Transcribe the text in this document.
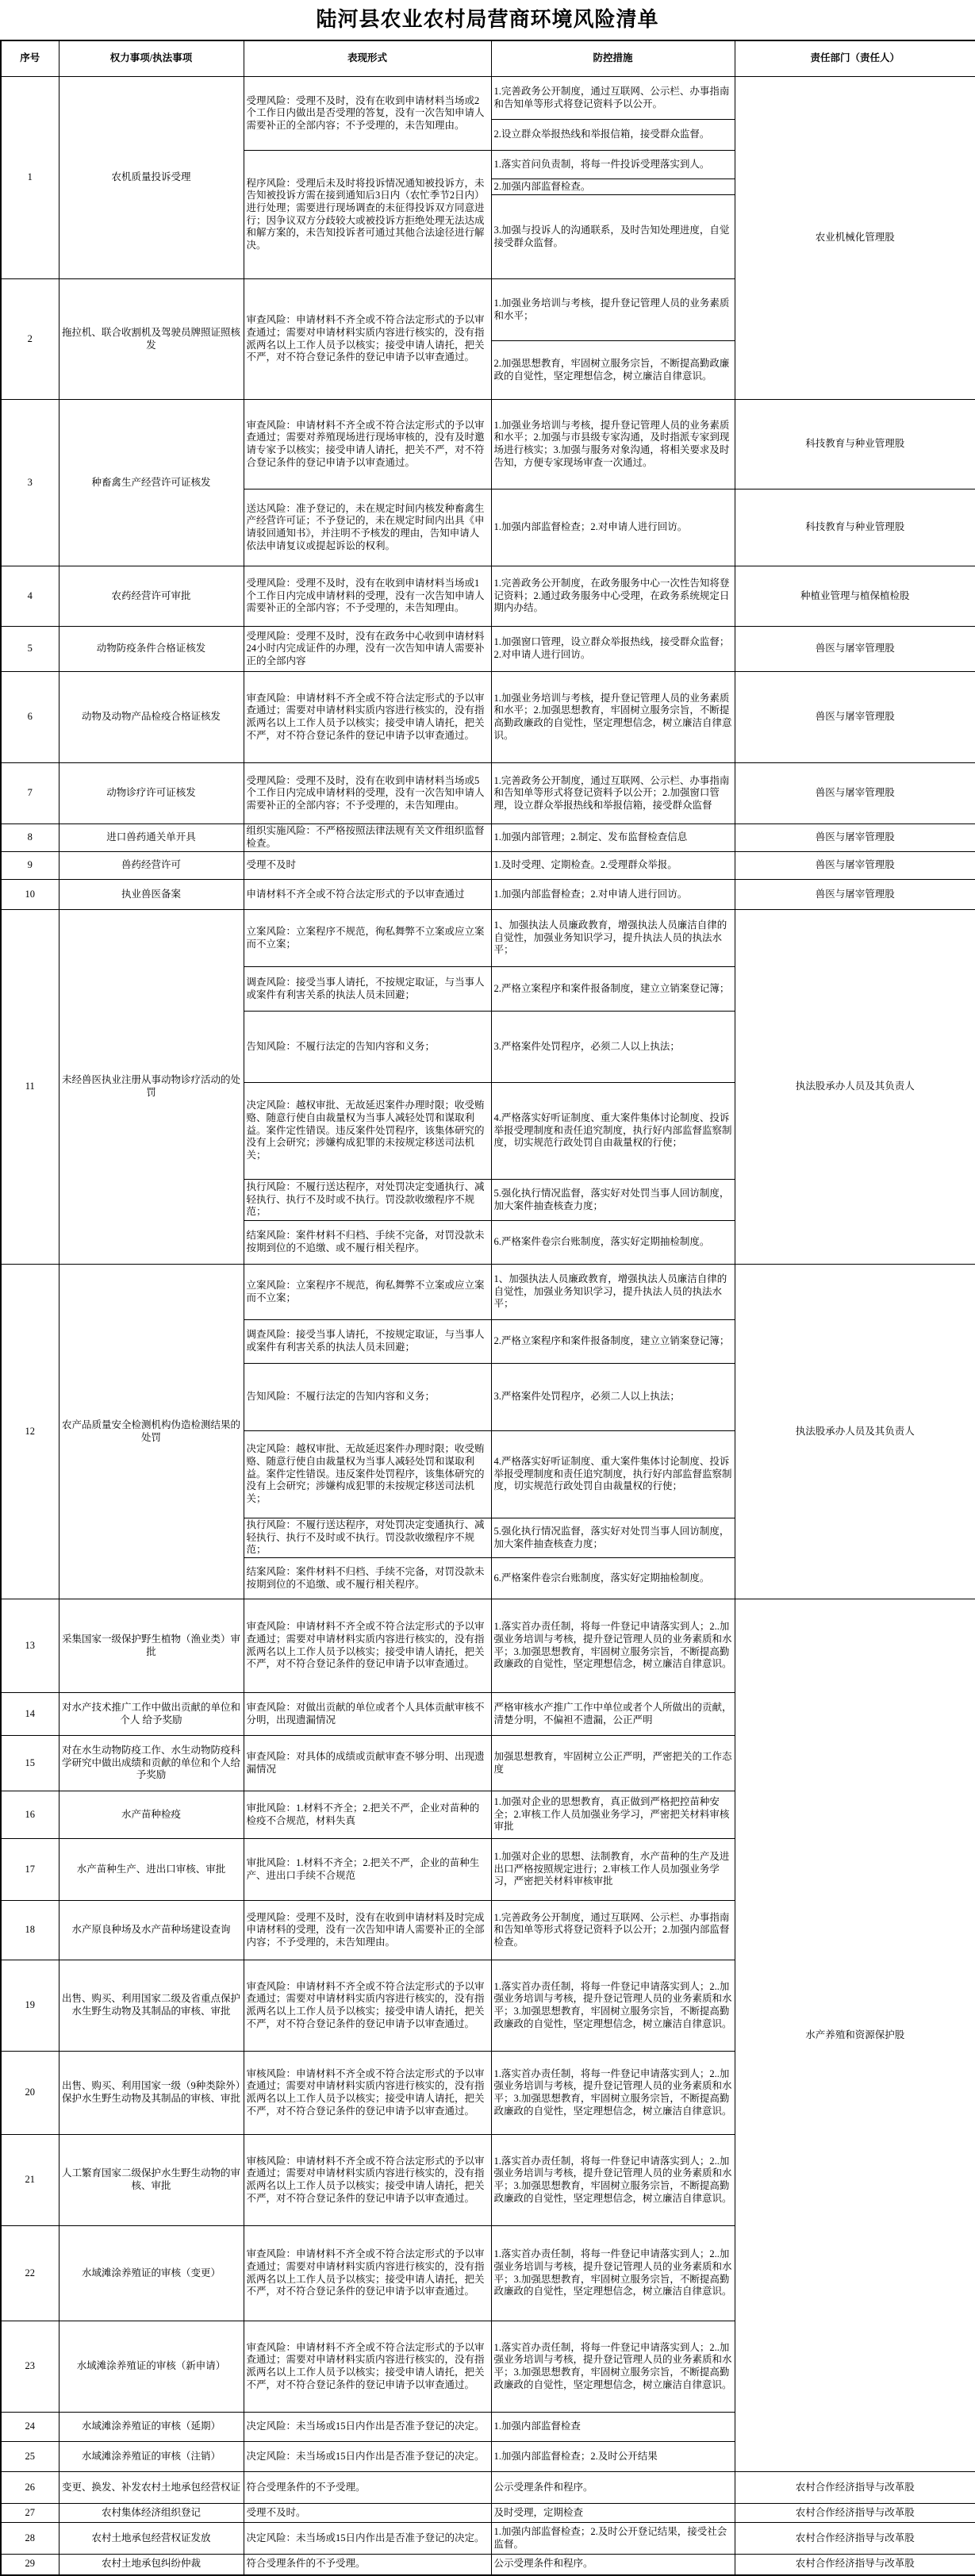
陆河县农业农村局营商环境风险清单
序号	权力事项/执法事项	表现形式	防控措施	责任部门（责任人）
1	农机质量投诉受理	受理风险：受理不及时，没有在收到申请材料当场或2个工作日内做出是否受理的答复，没有一次告知申请人需要补正的全部内容；不予受理的，未告知理由。	1.完善政务公开制度，通过互联网、公示栏、办事指南和告知单等形式将登记资料予以公开。	农业机械化管理股
			2.设立群众举报热线和举报信箱，接受群众监督。	
		程序风险：受理后未及时将投诉情况通知被投诉方，未告知被投诉方需在接到通知后3日内（农忙季节2日内）进行处理；需要进行现场调查的未征得投诉双方同意进行；因争议双方分歧较大或被投诉方拒绝处理无法达成和解方案的，未告知投诉者可通过其他合法途径进行解决。	1.落实首问负责制，将每一件投诉受理落实到人。	
			2.加强内部监督检查。	
			3.加强与投诉人的沟通联系，及时告知处理进度，自觉接受群众监督。	
2	拖拉机、联合收割机及驾驶员牌照证照核发	审查风险：申请材料不齐全或不符合法定形式的予以审查通过；需要对申请材料实质内容进行核实的，没有指派两名以上工作人员予以核实；接受申请人请托，把关不严，对不符合登记条件的登记申请予以审查通过。	1.加强业务培训与考核，提升登记管理人员的业务素质和水平；	
			2.加强思想教育，牢固树立服务宗旨，不断提高勤政廉政的自觉性，坚定理想信念，树立廉洁自律意识。	
3	种畜禽生产经营许可证核发	审查风险：申请材料不齐全或不符合法定形式的予以审查通过；需要对养殖现场进行现场审核的，没有及时邀请专家予以核实；接受申请人请托，把关不严，对不符合登记条件的登记申请予以审查通过。	1.加强业务培训与考核，提升登记管理人员的业务素质和水平；2.加强与市县级专家沟通，及时指派专家到现场进行核实；3.加强与服务对象沟通，将相关要求及时告知，方便专家现场审查一次通过。	科技教育与种业管理股
		送达风险：准予登记的，未在规定时间内核发种畜禽生产经营许可证；不予登记的，未在规定时间内出具《申请驳回通知书》，并注明不予核发的理由，告知申请人依法申请复议或提起诉讼的权利。	1.加强内部监督检查；2.对申请人进行回访。	科技教育与种业管理股
4	农药经营许可审批	受理风险：受理不及时，没有在收到申请材料当场或1个工作日内完成申请材料的受理，没有一次告知申请人需要补正的全部内容；不予受理的，未告知理由。	1.完善政务公开制度，在政务服务中心一次性告知将登记资料；2.通过政务服务中心受理，在政务系统规定日期内办结。	种植业管理与植保植检股
5	动物防疫条件合格证核发	受理风险：受理不及时，没有在政务中心收到申请材料24小时内完成证件的办理，没有一次告知申请人需要补正的全部内容	1.加强窗口管理，设立群众举报热线，接受群众监督；2.对申请人进行回访。	兽医与屠宰管理股
6	动物及动物产品检疫合格证核发	审查风险：申请材料不齐全或不符合法定形式的予以审查通过；需要对申请材料实质内容进行核实的，没有指派两名以上工作人员予以核实；接受申请人请托，把关不严，对不符合登记条件的登记申请予以审查通过。	1.加强业务培训与考核，提升登记管理人员的业务素质和水平；2.加强思想教育，牢固树立服务宗旨，不断提高勤政廉政的自觉性，坚定理想信念，树立廉洁自律意识。	兽医与屠宰管理股
7	动物诊疗许可证核发	受理风险：受理不及时，没有在收到申请材料当场或5个工作日内完成申请材料的受理，没有一次告知申请人需要补正的全部内容；不予受理的，未告知理由。	1.完善政务公开制度，通过互联网、公示栏、办事指南和告知单等形式将登记资料予以公开；2.加强窗口管理，设立群众举报热线和举报信箱，接受群众监督	兽医与屠宰管理股
8	进口兽药通关单开具	组织实施风险：不严格按照法律法规有关文件组织监督检查。	1.加强内部管理；2.制定、发布监督检查信息	兽医与屠宰管理股
9	兽药经营许可	受理不及时	1.及时受理、定期检查。2.受理群众举报。	兽医与屠宰管理股
10	执业兽医备案	申请材料不齐全或不符合法定形式的予以审查通过	1.加强内部监督检查；2.对申请人进行回访。	兽医与屠宰管理股
11	未经兽医执业注册从事动物诊疗活动的处罚	立案风险：立案程序不规范，徇私舞弊不立案或应立案而不立案；	1、加强执法人员廉政教育，增强执法人员廉洁自律的自觉性，加强业务知识学习，提升执法人员的执法水平；	执法股承办人员及其负责人
		调查风险：接受当事人请托，不按规定取证，与当事人或案件有利害关系的执法人员未回避；	2.严格立案程序和案件报备制度，建立立销案登记簿；	
		告知风险：不履行法定的告知内容和义务；	3.严格案件处罚程序，必须二人以上执法；	
		决定风险：越权审批、无故延迟案件办理时限；收受贿赂、随意行使自由裁量权为当事人减轻处罚和谋取利益。案件定性错误。违反案件处罚程序，该集体研究的没有上会研究；涉嫌构成犯罪的未按规定移送司法机关；	4.严格落实好听证制度、重大案件集体讨论制度、投诉举报受理制度和责任追究制度，执行好内部监督监察制度，切实规范行政处罚自由裁量权的行使；	
		执行风险：不履行送达程序，对处罚决定变通执行、减轻执行、执行不及时或不执行。罚没款收缴程序不规范；	5.强化执行情况监督，落实好对处罚当事人回访制度，加大案件抽查核查力度；	
		结案风险：案件材料不归档、手续不完备，对罚没款未按期到位的不追缴、或不履行相关程序。	6.严格案件卷宗台账制度，落实好定期抽检制度。	
12	农产品质量安全检测机构伪造检测结果的处罚	立案风险：立案程序不规范，徇私舞弊不立案或应立案而不立案；	1、加强执法人员廉政教育，增强执法人员廉洁自律的自觉性，加强业务知识学习，提升执法人员的执法水平；	执法股承办人员及其负责人
		调查风险：接受当事人请托，不按规定取证，与当事人或案件有利害关系的执法人员未回避；	2.严格立案程序和案件报备制度，建立立销案登记簿；	
		告知风险：不履行法定的告知内容和义务；	3.严格案件处罚程序，必须二人以上执法；	
		决定风险：越权审批、无故延迟案件办理时限；收受贿赂、随意行使自由裁量权为当事人减轻处罚和谋取利益。案件定性错误。违反案件处罚程序，该集体研究的没有上会研究；涉嫌构成犯罪的未按规定移送司法机关；	4.严格落实好听证制度、重大案件集体讨论制度、投诉举报受理制度和责任追究制度，执行好内部监督监察制度，切实规范行政处罚自由裁量权的行使；	
		执行风险：不履行送达程序，对处罚决定变通执行、减轻执行、执行不及时或不执行。罚没款收缴程序不规范；	5.强化执行情况监督，落实好对处罚当事人回访制度，加大案件抽查核查力度；	
		结案风险：案件材料不归档、手续不完备，对罚没款未按期到位的不追缴、或不履行相关程序。	6.严格案件卷宗台账制度，落实好定期抽检制度。	
13	采集国家一级保护野生植物（渔业类）审批	审查风险：申请材料不齐全或不符合法定形式的予以审查通过；需要对申请材料实质内容进行核实的，没有指派两名以上工作人员予以核实；接受申请人请托，把关不严，对不符合登记条件的登记申请予以审查通过。	1.落实首办责任制，将每一件登记申请落实到人；2..加强业务培训与考核，提升登记管理人员的业务素质和水平；3.加强思想教育，牢固树立服务宗旨，不断提高勤政廉政的自觉性，坚定理想信念，树立廉洁自律意识。	水产养殖和资源保护股
14	对水产技术推广工作中做出贡献的单位和个人 给予奖励	审查风险：对做出贡献的单位或者个人具体贡献审核不分明，出现遗漏情况	严格审核水产推广工作中单位或者个人所做出的贡献，清楚分明，不偏袒不遗漏，公正严明	
15	对在水生动物防疫工作、水生动物防疫科学研究中做出成绩和贡献的单位和个人给予奖励	审查风险：对具体的成绩或贡献审查不够分明、出现遗漏情况	加强思想教育，牢固树立公正严明，严密把关的工作态度	
16	水产苗种检疫	审批风险：1.材料不齐全；2.把关不严，企业对苗种的检疫不合规范，材料失真	1.加强对企业的思想教育，真正做到严格把控苗种安全；2.审核工作人员加强业务学习，严密把关材料审核审批	
17	水产苗种生产、进出口审核、审批	审批风险：1.材料不齐全；2.把关不严，企业的苗种生产、进出口手续不合规范	1.加强对企业的思想、法制教育，水产苗种的生产及进出口严格按照规定进行；2.审核工作人员加强业务学习，严密把关材料审核审批	
18	水产原良种场及水产苗种场建设查询	受理风险：受理不及时，没有在收到申请材料及时完成申请材料的受理，没有一次告知申请人需要补正的全部内容；不予受理的，未告知理由。	1.完善政务公开制度，通过互联网、公示栏、办事指南和告知单等形式将登记资料予以公开；2.加强内部监督检查。	
19	出售、购买、利用国家二级及省重点保护水生野生动物及其制品的审核、审批	审查风险：申请材料不齐全或不符合法定形式的予以审查通过；需要对申请材料实质内容进行核实的，没有指派两名以上工作人员予以核实；接受申请人请托，把关不严，对不符合登记条件的登记申请予以审查通过。	1.落实首办责任制，将每一件登记申请落实到人；2..加强业务培训与考核，提升登记管理人员的业务素质和水平；3.加强思想教育，牢固树立服务宗旨，不断提高勤政廉政的自觉性，坚定理想信念，树立廉洁自律意识。	
20	出售、购买、利用国家一级（9种类除外）保护水生野生动物及其制品的审核、审批	审核风险：申请材料不齐全或不符合法定形式的予以审查通过；需要对申请材料实质内容进行核实的，没有指派两名以上工作人员予以核实；接受申请人请托，把关不严，对不符合登记条件的登记申请予以审查通过。	1.落实首办责任制，将每一件登记申请落实到人；2..加强业务培训与考核，提升登记管理人员的业务素质和水平；3.加强思想教育，牢固树立服务宗旨，不断提高勤政廉政的自觉性，坚定理想信念，树立廉洁自律意识。	
21	人工繁育国家二级保护水生野生动物的审核、审批	审核风险：申请材料不齐全或不符合法定形式的予以审查通过；需要对申请材料实质内容进行核实的，没有指派两名以上工作人员予以核实；接受申请人请托，把关不严，对不符合登记条件的登记申请予以审查通过。	1.落实首办责任制，将每一件登记申请落实到人；2..加强业务培训与考核，提升登记管理人员的业务素质和水平；3.加强思想教育，牢固树立服务宗旨，不断提高勤政廉政的自觉性，坚定理想信念，树立廉洁自律意识。	
22	水域滩涂养殖证的审核（变更）	审查风险：申请材料不齐全或不符合法定形式的予以审查通过；需要对申请材料实质内容进行核实的，没有指派两名以上工作人员予以核实；接受申请人请托，把关不严，对不符合登记条件的登记申请予以审查通过。	1.落实首办责任制，将每一件登记申请落实到人；2..加强业务培训与考核，提升登记管理人员的业务素质和水平；3.加强思想教育，牢固树立服务宗旨，不断提高勤政廉政的自觉性，坚定理想信念，树立廉洁自律意识。	
23	水域滩涂养殖证的审核（新申请）	审查风险：申请材料不齐全或不符合法定形式的予以审查通过；需要对申请材料实质内容进行核实的，没有指派两名以上工作人员予以核实；接受申请人请托，把关不严，对不符合登记条件的登记申请予以审查通过。	1.落实首办责任制，将每一件登记申请落实到人；2..加强业务培训与考核，提升登记管理人员的业务素质和水平；3.加强思想教育，牢固树立服务宗旨，不断提高勤政廉政的自觉性，坚定理想信念，树立廉洁自律意识。	
24	水域滩涂养殖证的审核（延期）	决定风险：未当场或15日内作出是否准予登记的决定。	1.加强内部监督检查	
25	水域滩涂养殖证的审核（注销）	决定风险：未当场或15日内作出是否准予登记的决定。	1.加强内部监督检查；2.及时公开结果	
26	变更、换发、补发农村土地承包经营权证	符合受理条件的不予受理。	公示受理条件和程序。	农村合作经济指导与改革股
27	农村集体经济组织登记	受理不及时。	及时受理，定期检查	农村合作经济指导与改革股
28	农村土地承包经营权证发放	决定风险：未当场或15日内作出是否准予登记的决定。	1.加强内部监督检查；2.及时公开登记结果，接受社会监督。	农村合作经济指导与改革股
29	农村土地承包纠纷仲裁	符合受理条件的不予受理。	公示受理条件和程序。	农村合作经济指导与改革股
